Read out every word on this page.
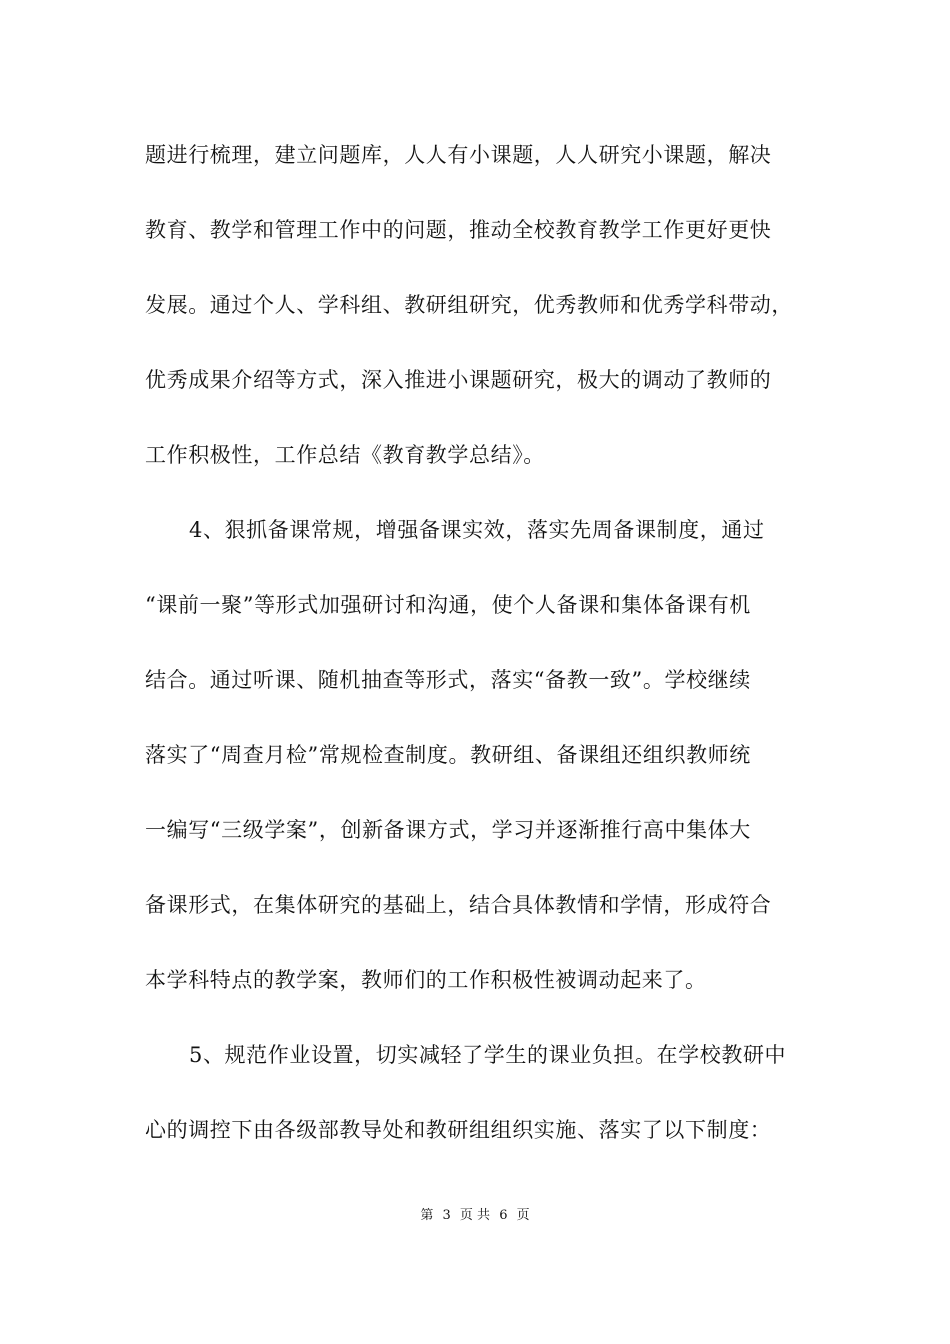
题进行梳理，建立问题库，人人有小课题，人人研究小课题，解决
教育、教学和管理工作中的问题，推动全校教育教学工作更好更快
发展。通过个人、学科组、教研组研究，优秀教师和优秀学科带动，
优秀成果介绍等方式，深入推进小课题研究，极大的调动了教师的
工作积极性，工作总结《教育教学总结》。
4、狠抓备课常规，增强备课实效，落实先周备课制度，通过
“课前一聚”等形式加强研讨和沟通，使个人备课和集体备课有机
结合。通过听课、随机抽查等形式，落实“备教一致”。学校继续
落实了“周查月检”常规检查制度。教研组、备课组还组织教师统
一编写“三级学案”，创新备课方式，学习并逐渐推行高中集体大
备课形式，在集体研究的基础上，结合具体教情和学情，形成符合
本学科特点的教学案，教师们的工作积极性被调动起来了。
5、规范作业设置，切实减轻了学生的课业负担。在学校教研中
心的调控下由各级部教导处和教研组组织实施、落实了以下制度：
第 3 页 共 6 页
